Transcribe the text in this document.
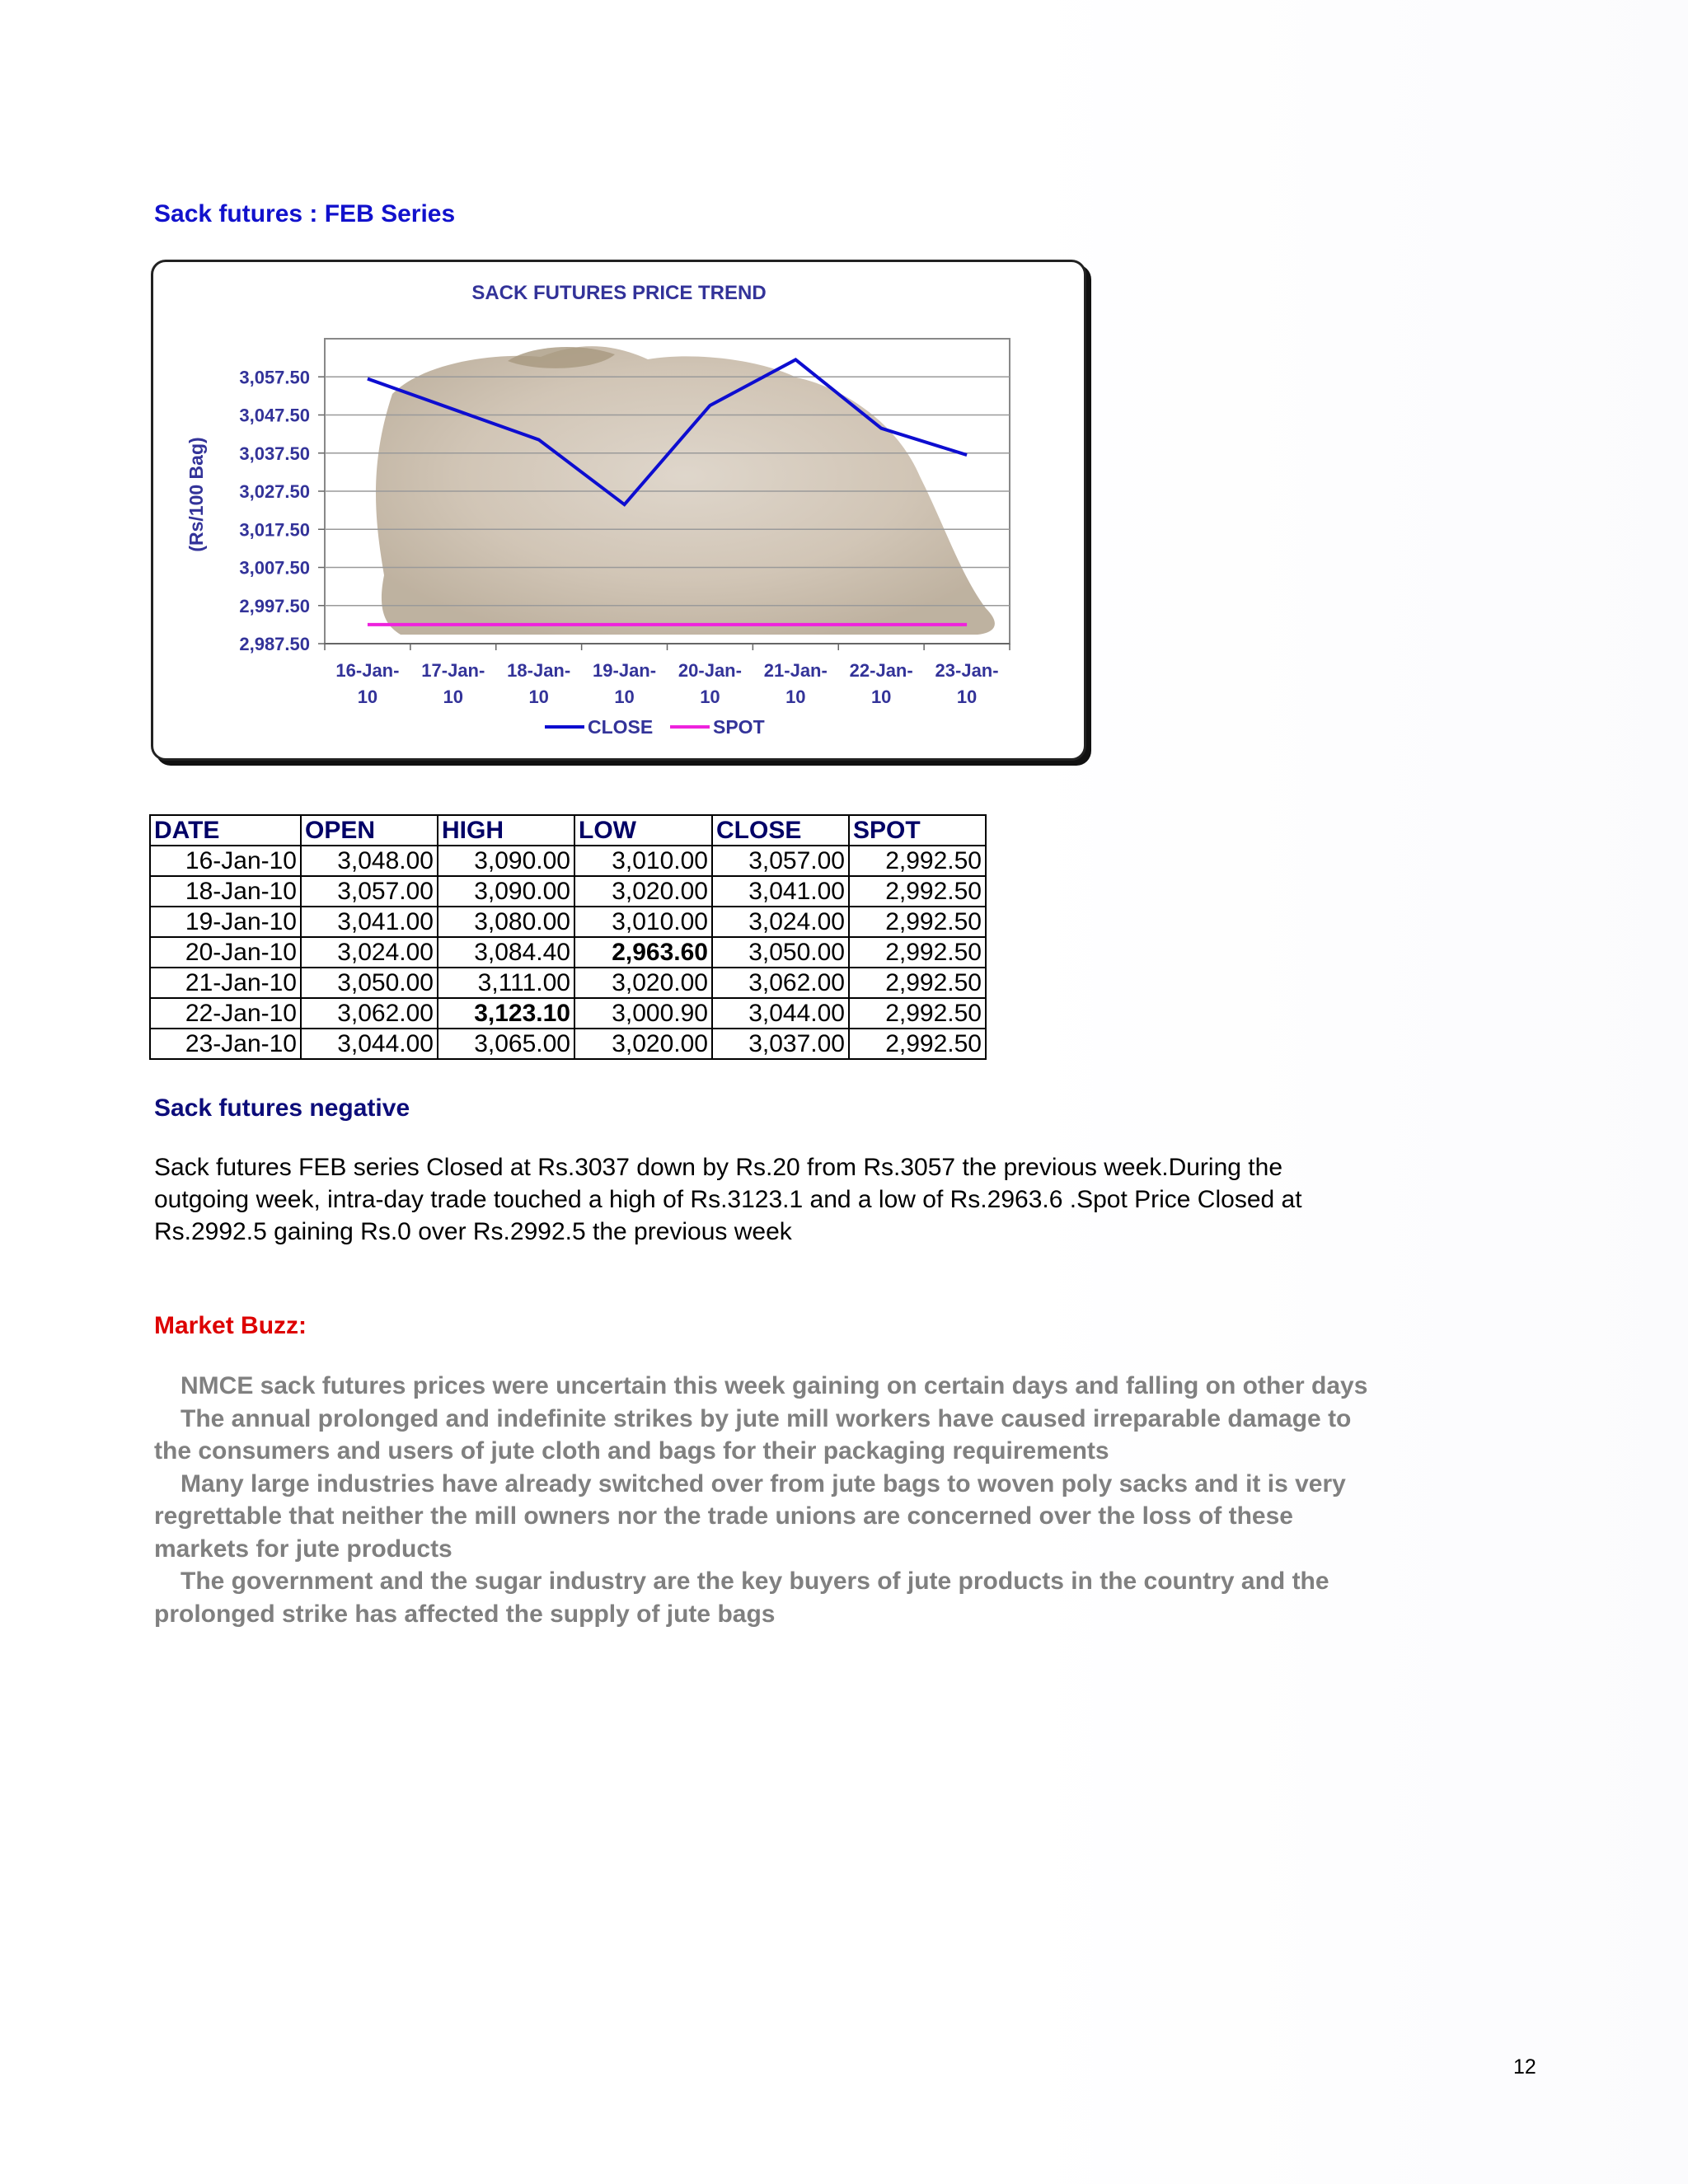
Sack futures : FEB Series
SACK FUTURES PRICE TREND
2,987.50
2,997.50
3,007.50
3,017.50
3,027.50
3,037.50
3,047.50
3,057.50
16-Jan-10
17-Jan-10
18-Jan-10
19-Jan-10
20-Jan-10
21-Jan-10
22-Jan-10
23-Jan-10
(Rs/100 Bag)
CLOSE	SPOT
DATE	OPEN	HIGH	LOW	CLOSE	SPOT
16-Jan-10	3,048.00	3,090.00	3,010.00	3,057.00	2,992.50
18-Jan-10	3,057.00	3,090.00	3,020.00	3,041.00	2,992.50
19-Jan-10	3,041.00	3,080.00	3,010.00	3,024.00	2,992.50
20-Jan-10	3,024.00	3,084.40	2,963.60	3,050.00	2,992.50
21-Jan-10	3,050.00	3,111.00	3,020.00	3,062.00	2,992.50
22-Jan-10	3,062.00	3,123.10	3,000.90	3,044.00	2,992.50
23-Jan-10	3,044.00	3,065.00	3,020.00	3,037.00	2,992.50
Sack futures negative
Sack futures FEB series Closed at Rs.3037 down by Rs.20 from Rs.3057 the previous week.During the outgoing week, intra-day trade touched a high of Rs.3123.1 and a low of Rs.2963.6 .Spot Price Closed at Rs.2992.5 gaining Rs.0 over Rs.2992.5 the previous week
Market Buzz:

NMCE sack futures prices were uncertain this week gaining on certain days and falling on other days

The annual prolonged and indefinite strikes by jute mill workers have caused irreparable damage to the consumers and users of jute cloth and bags for their packaging requirements

Many large industries have already switched over from jute bags to woven poly sacks and it is very regrettable that neither the mill owners nor the trade unions are concerned over the loss of these markets for jute products

The government and the sugar industry are the key buyers of jute products in the country and the prolonged strike has affected the supply of jute bags

12
